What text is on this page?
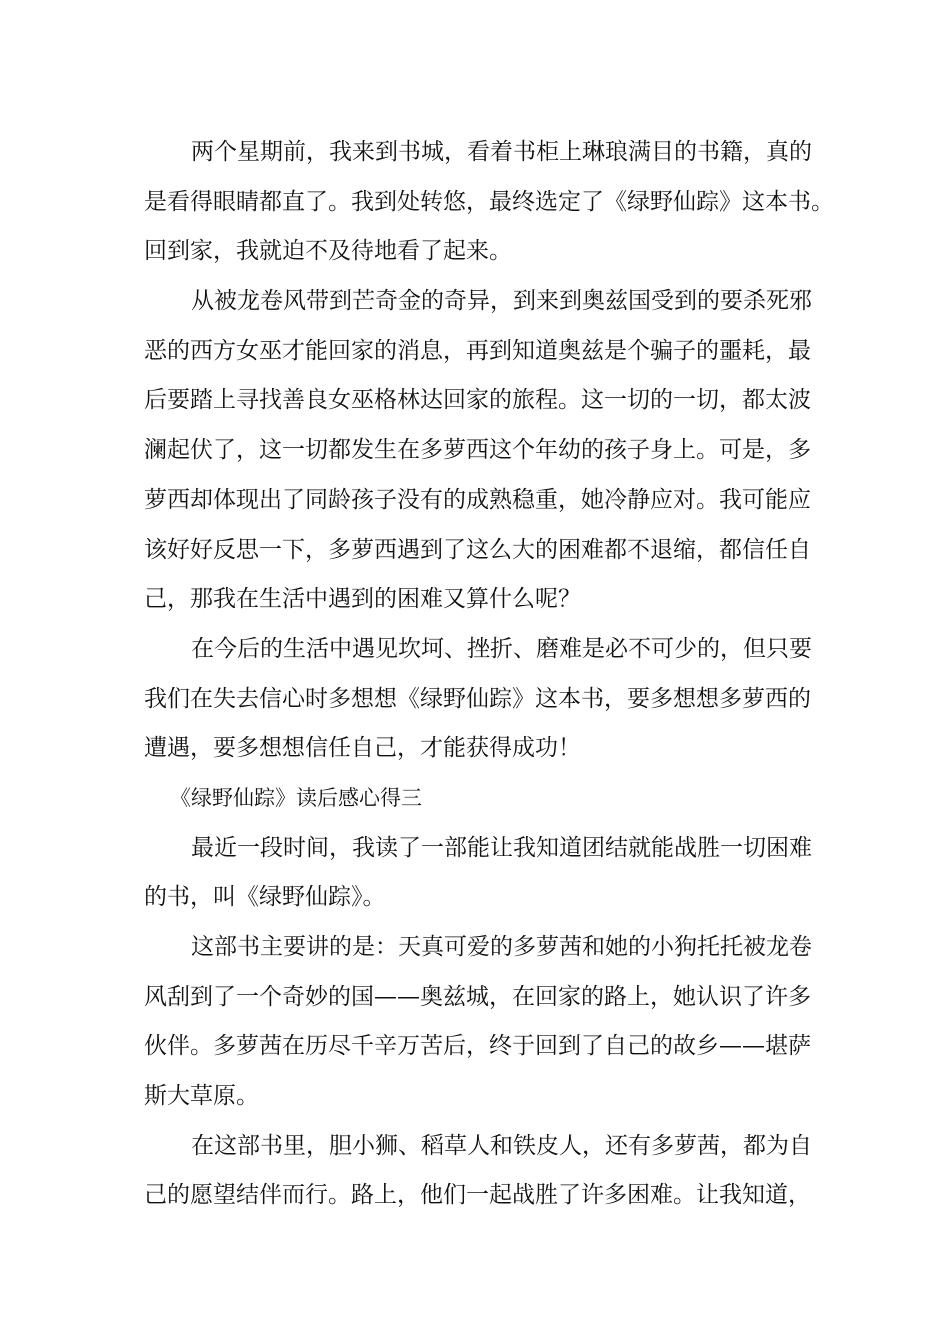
两个星期前，我来到书城，看着书柜上琳琅满目的书籍，真的
是看得眼睛都直了。我到处转悠，最终选定了《绿野仙踪》这本书。
回到家，我就迫不及待地看了起来。
从被龙卷风带到芒奇金的奇异，到来到奥兹国受到的要杀死邪
恶的西方女巫才能回家的消息，再到知道奥兹是个骗子的噩耗，最
后要踏上寻找善良女巫格林达回家的旅程。这一切的一切，都太波
澜起伏了，这一切都发生在多萝西这个年幼的孩子身上。可是，多
萝西却体现出了同龄孩子没有的成熟稳重，她冷静应对。我可能应
该好好反思一下，多萝西遇到了这么大的困难都不退缩，都信任自
己，那我在生活中遇到的困难又算什么呢？
在今后的生活中遇见坎坷、挫折、磨难是必不可少的，但只要
我们在失去信心时多想想《绿野仙踪》这本书，要多想想多萝西的
遭遇，要多想想信任自己，才能获得成功！
《绿野仙踪》读后感心得三
最近一段时间，我读了一部能让我知道团结就能战胜一切困难
的书，叫《绿野仙踪》。
这部书主要讲的是：天真可爱的多萝茜和她的小狗托托被龙卷
风刮到了一个奇妙的国——奥兹城，在回家的路上，她认识了许多
伙伴。多萝茜在历尽千辛万苦后，终于回到了自己的故乡——堪萨
斯大草原。
在这部书里，胆小狮、稻草人和铁皮人，还有多萝茜，都为自
己的愿望结伴而行。路上，他们一起战胜了许多困难。让我知道，
